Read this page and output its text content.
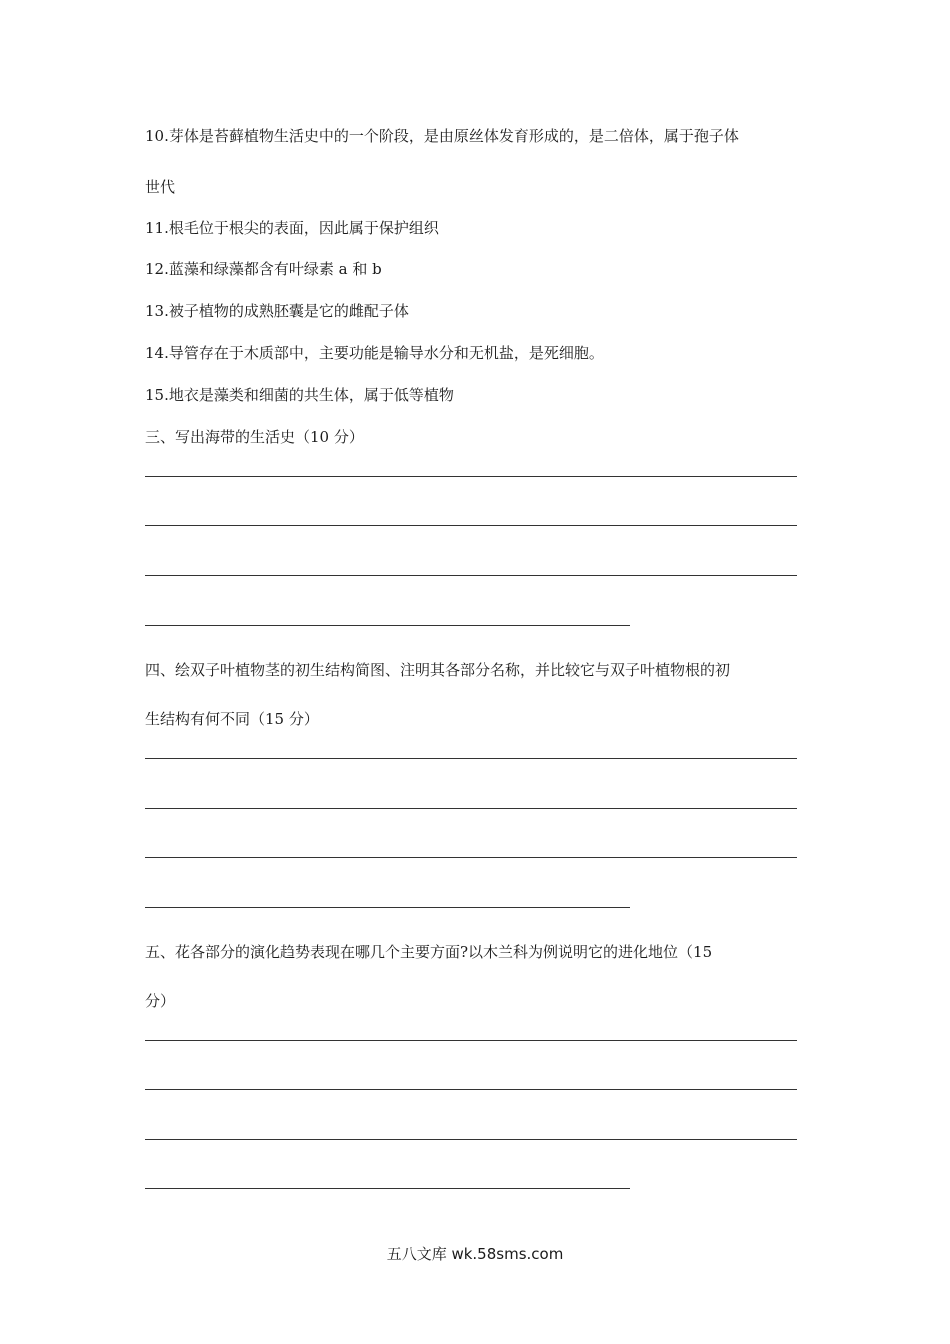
10.芽体是苔藓植物生活史中的一个阶段，是由原丝体发育形成的，是二倍体，属于孢子体
世代
11.根毛位于根尖的表面，因此属于保护组织
12.蓝藻和绿藻都含有叶绿素 a 和 b
13.被子植物的成熟胚囊是它的雌配子体
14.导管存在于木质部中，主要功能是输导水分和无机盐，是死细胞。
15.地衣是藻类和细菌的共生体，属于低等植物
三、写出海带的生活史（10 分）
四、绘双子叶植物茎的初生结构简图、注明其各部分名称，并比较它与双子叶植物根的初
生结构有何不同（15 分）
五、花各部分的演化趋势表现在哪几个主要方面?以木兰科为例说明它的进化地位（15
分）
五八文库 wk.58sms.com
